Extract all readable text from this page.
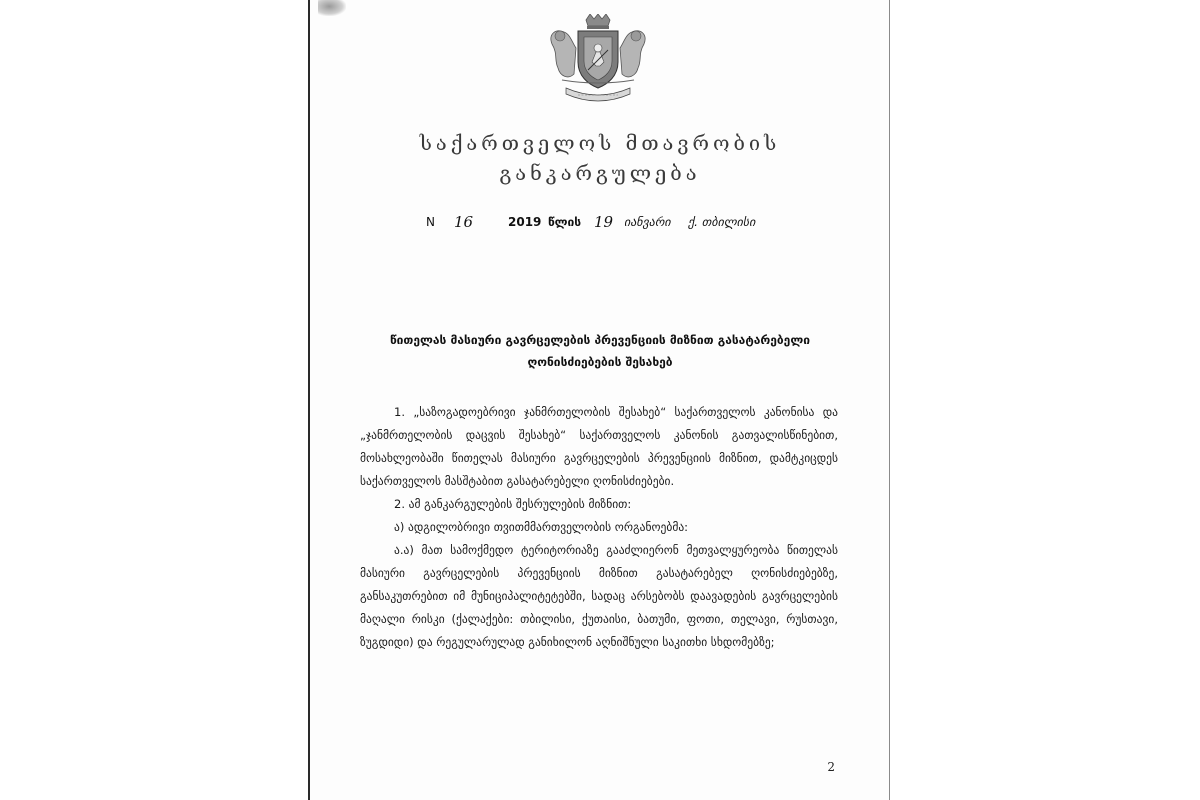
საქართველოს მთავრობის
განკარგულება
N 16	2019 წლის 19 იანვარი ქ. თბილისი
წითელას მასიური გავრცელების პრევენციის მიზნით გასატარებელი
ღონისძიებების შესახებ

1. „საზოგადოებრივი ჯანმრთელობის შესახებ“ საქართველოს კანონისა და „ჯანმრთელობის დაცვის შესახებ“ საქართველოს კანონის გათვალისწინებით, მოსახლეობაში წითელას მასიური გავრცელების პრევენციის მიზნით, დამტკიცდეს საქართველოს მასშტაბით გასატარებელი ღონისძიებები.

2. ამ განკარგულების შესრულების მიზნით:

ა) ადგილობრივი თვითმმართველობის ორგანოებმა:

ა.ა) მათ სამოქმედო ტერიტორიაზე გააძლიერონ მეთვალყურეობა წითელას მასიური გავრცელების პრევენციის მიზნით გასატარებელ ღონისძიებებზე, განსაკუთრებით იმ მუნიციპალიტეტებში, სადაც არსებობს დაავადების გავრცელების მაღალი რისკი (ქალაქები: თბილისი, ქუთაისი, ბათუმი, ფოთი, თელავი, რუსთავი, ზუგდიდი) და რეგულარულად განიხილონ აღნიშნული საკითხი სხდომებზე;

2
